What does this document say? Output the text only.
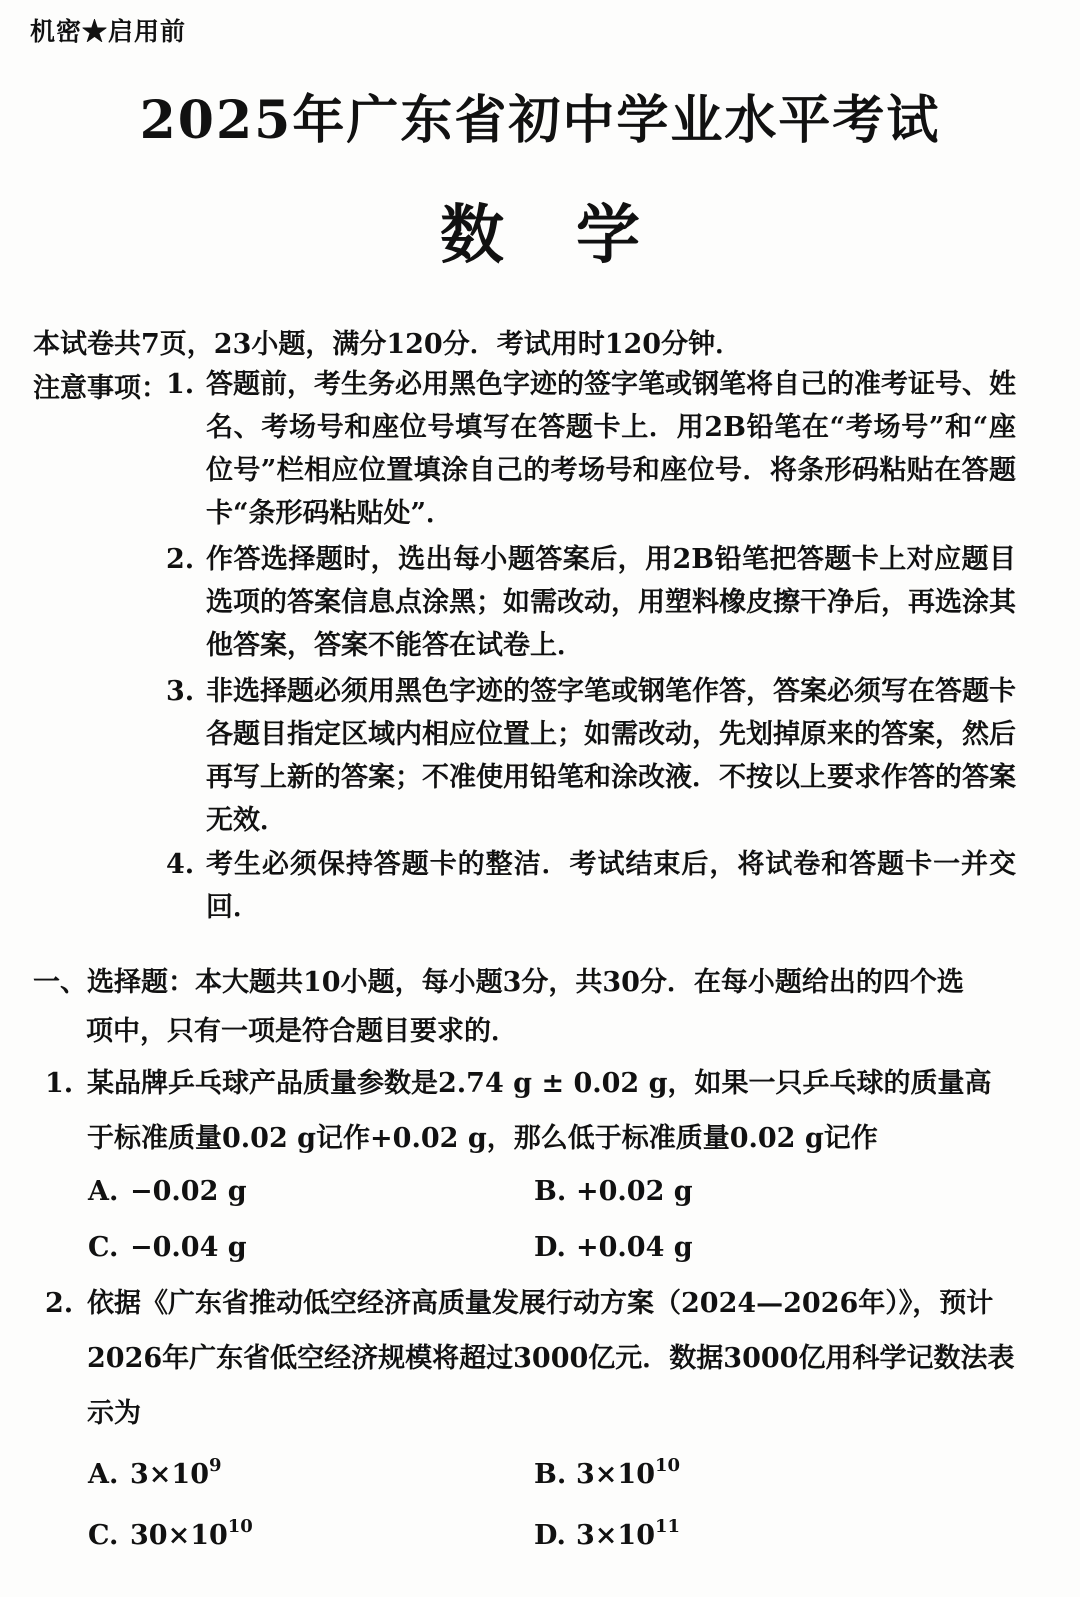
机密★启用前
2025年广东省初中学业水平考试
数学
本试卷共7页，23小题，满分120分．考试用时120分钟．
注意事项：
1. 答题前，考生务必用黑色字迹的签字笔或钢笔将自己的准考证号、姓名、考场号和座位号填写在答题卡上．用2B铅笔在“考场号”和“座位号”栏相应位置填涂自己的考场号和座位号．将条形码粘贴在答题卡“条形码粘贴处”．
2. 作答选择题时，选出每小题答案后，用2B铅笔把答题卡上对应题目选项的答案信息点涂黑；如需改动，用塑料橡皮擦干净后，再选涂其他答案，答案不能答在试卷上．
3. 非选择题必须用黑色字迹的签字笔或钢笔作答，答案必须写在答题卡各题目指定区域内相应位置上；如需改动，先划掉原来的答案，然后再写上新的答案；不准使用铅笔和涂改液．不按以上要求作答的答案无效．
4. 考生必须保持答题卡的整洁．考试结束后，将试卷和答题卡一并交回．
一、选择题：本大题共10小题，每小题3分，共30分．在每小题给出的四个选
项中，只有一项是符合题目要求的．
1. 某品牌乒乓球产品质量参数是2.74 g ± 0.02 g，如果一只乒乓球的质量高于标准质量0.02 g记作+0.02 g，那么低于标准质量0.02 g记作
A. −0.02 g	B. +0.02 g
C. −0.04 g	D. +0.04 g
2. 依据《广东省推动低空经济高质量发展行动方案（2024—2026年）》，预计2026年广东省低空经济规模将超过3000亿元．数据3000亿用科学记数法表示为
A. $3\times 10^9$	B. $3\times 10^{10}$
C. $30\times 10^{10}$	D. $3\times 10^{11}$
